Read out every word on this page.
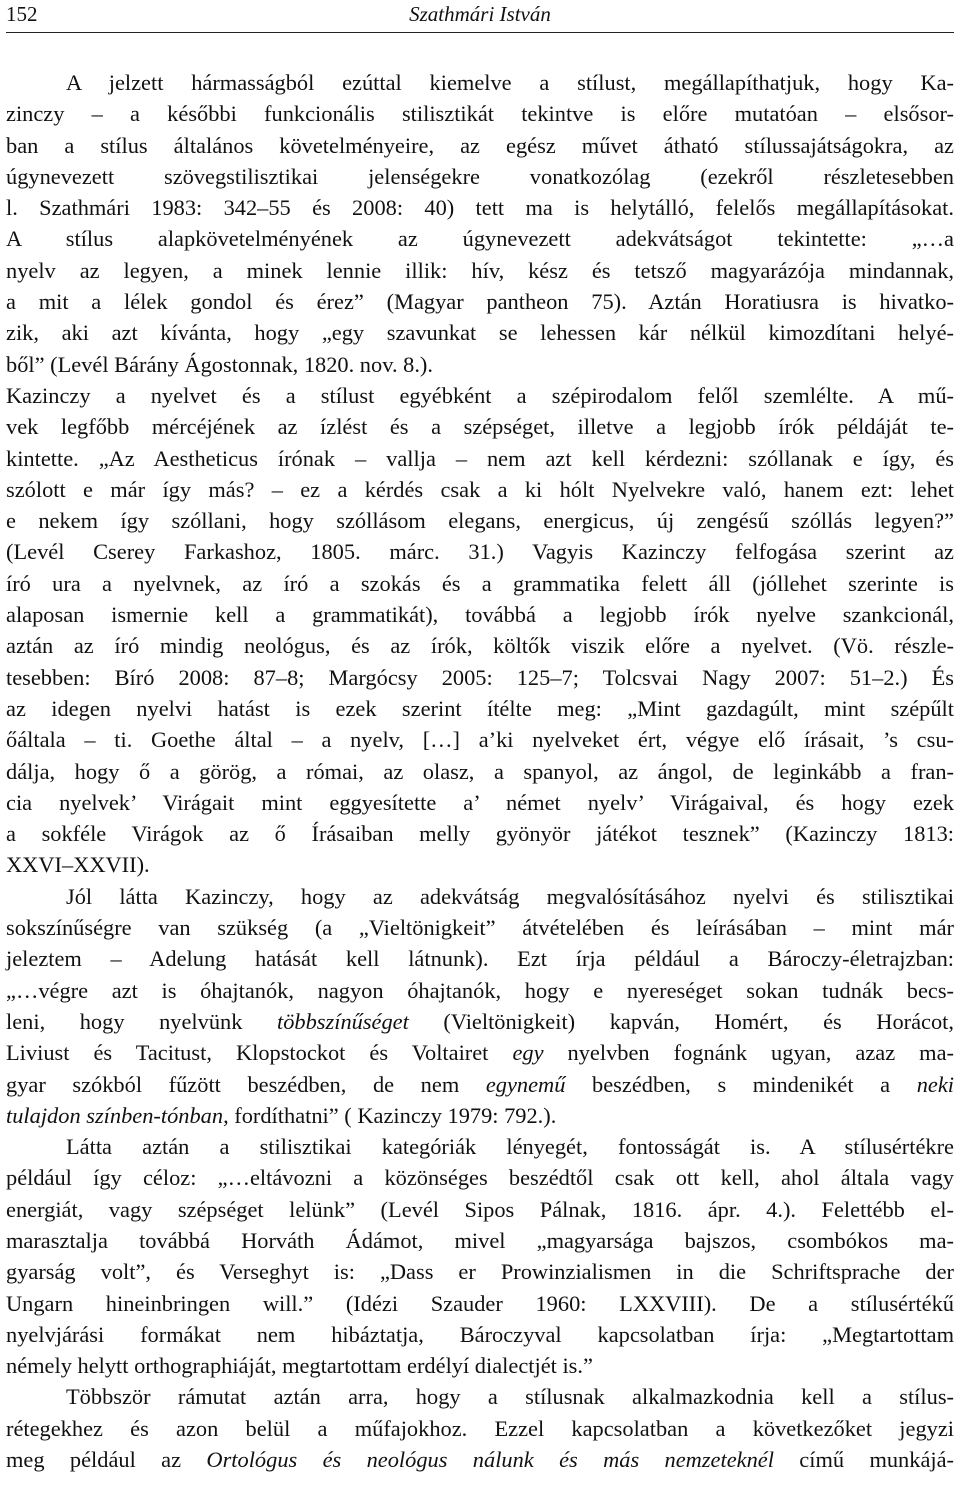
152	Szathmári István
A jelzett hármasságból ezúttal kiemelve a stílust, megállapíthatjuk, hogy Ka-
zinczy – a későbbi funkcionális stilisztikát tekintve is előre mutatóan – elsősor-
ban a stílus általános követelményeire, az egész művet átható stílussajátságokra, az
úgynevezett szövegstilisztikai jelenségekre vonatkozólag (ezekről részletesebben
l. Szathmári 1983: 342–55 és 2008: 40) tett ma is helytálló, felelős megállapításokat.
A stílus alapkövetelményének az úgynevezett adekvátságot tekintette: „…a
nyelv az legyen, a minek lennie illik: hív, kész és tetsző magyarázója mindannak,
a mit a lélek gondol és érez” (Magyar pantheon 75). Aztán Horatiusra is hivatko-
zik, aki azt kívánta, hogy „egy szavunkat se lehessen kár nélkül kimozdítani helyé-
ből” (Levél Bárány Ágostonnak, 1820. nov. 8.).
Kazinczy a nyelvet és a stílust egyébként a szépirodalom felől szemlélte. A mű-
vek legfőbb mércéjének az ízlést és a szépséget, illetve a legjobb írók példáját te-
kintette. „Az Aestheticus írónak – vallja – nem azt kell kérdezni: szóllanak e így, és
szólott e már így más? – ez a kérdés csak a ki hólt Nyelvekre való, hanem ezt: lehet
e nekem így szóllani, hogy szóllásom elegans, energicus, új zengésű szóllás legyen?”
(Levél Cserey Farkashoz, 1805. márc. 31.) Vagyis Kazinczy felfogása szerint az
író ura a nyelvnek, az író a szokás és a grammatika felett áll (jóllehet szerinte is
alaposan ismernie kell a grammatikát), továbbá a legjobb írók nyelve szankcionál,
aztán az író mindig neológus, és az írók, költők viszik előre a nyelvet. (Vö. részle-
tesebben: Bíró 2008: 87–8; Margócsy 2005: 125–7; Tolcsvai Nagy 2007: 51–2.) És
az idegen nyelvi hatást is ezek szerint ítélte meg: „Mint gazdagúlt, mint szépűlt
őáltala – ti. Goethe által – a nyelv, […] a’ki nyelveket ért, végye elő írásait, ’s csu-
dálja, hogy ő a görög, a római, az olasz, a spanyol, az ángol, de leginkább a fran-
cia nyelvek’ Virágait mint eggyesítette a’ német nyelv’ Virágaival, és hogy ezek
a sokféle Virágok az ő Írásaiban melly gyönyör játékot tesznek” (Kazinczy 1813:
XXVI–XXVII).
Jól látta Kazinczy, hogy az adekvátság megvalósításához nyelvi és stilisztikai
sokszínűségre van szükség (a „Vieltönigkeit” átvételében és leírásában – mint már
jeleztem – Adelung hatását kell látnunk). Ezt írja például a Bároczy-életrajzban:
„…végre azt is óhajtanók, nagyon óhajtanók, hogy e nyereséget sokan tudnák becs-
leni, hogy nyelvünk többszínűséget (Vieltönigkeit) kapván, Homért, és Horácot,
Liviust és Tacitust, Klopstockot és Voltairet egy nyelvben fognánk ugyan, azaz ma-
gyar szókból fűzött beszédben, de nem egynemű beszédben, s mindenikét a neki
tulajdon színben-tónban, fordíthatni” ( Kazinczy 1979: 792.).
Látta aztán a stilisztikai kategóriák lényegét, fontosságát is. A stílusértékre
például így céloz: „…eltávozni a közönséges beszédtől csak ott kell, ahol általa vagy
energiát, vagy szépséget lelünk” (Levél Sipos Pálnak, 1816. ápr. 4.). Felettébb el-
marasztalja továbbá Horváth Ádámot, mivel „magyarsága bajszos, csombókos ma-
gyarság volt”, és Verseghyt is: „Dass er Prowinzialismen in die Schriftsprache der
Ungarn hineinbringen will.” (Idézi Szauder 1960: LXXVIII). De a stílusértékű
nyelvjárási formákat nem hibáztatja, Bároczyval kapcsolatban írja: „Megtartottam
némely helytt orthographiáját, megtartottam erdélyí dialectjét is.”
Többször rámutat aztán arra, hogy a stílusnak alkalmazkodnia kell a stílus-
rétegekhez és azon belül a műfajokhoz. Ezzel kapcsolatban a következőket jegyzi
meg például az Ortológus és neológus nálunk és más nemzeteknél című munkájá-
